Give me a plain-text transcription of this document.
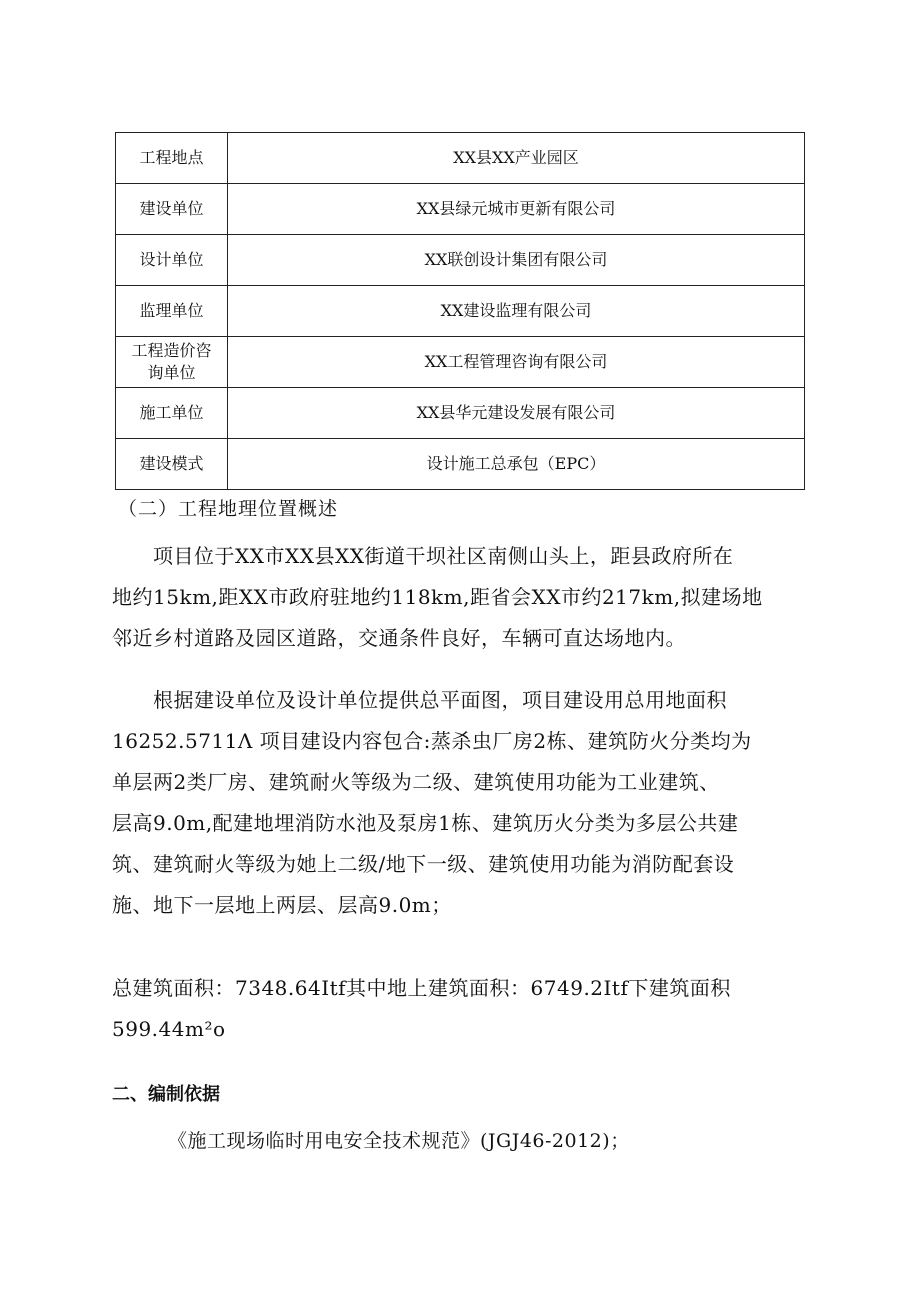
工程地点	XX县XX产业园区
建设单位	XX县绿元城市更新有限公司
设计单位	XX联创设计集团有限公司
监理单位	XX建设监理有限公司
工程造价咨询单位	XX工程管理咨询有限公司
施工单位	XX县华元建设发展有限公司
建设模式	设计施工总承包（EPC）
（二）工程地理位置概述
　　项目位于XX市XX县XX街道干坝社区南侧山头上，距县政府所在
地约15km,距XX市政府驻地约118km,距省会XX市约217km,拟建场地
邻近乡村道路及园区道路，交通条件良好，车辆可直达场地内。
　　根据建设单位及设计单位提供总平面图，项目建设用总用地面积
16252.5711Λ 项目建设内容包合:蒸杀虫厂房2栋、建筑防火分类均为
单层两2类厂房、建筑耐火等级为二级、建筑使用功能为工业建筑、
层高9.0m,配建地埋消防水池及泵房1栋、建筑历火分类为多层公共建
筑、建筑耐火等级为她上二级/地下一级、建筑使用功能为消防配套设
施、地下一层地上两层、层高9.0m；
总建筑面积：7348.64Itf其中地上建筑面积：6749.2Itf下建筑面积
599.44m²o
二、编制依据
《施工现场临时用电安全技术规范》(JGJ46-2012)；
